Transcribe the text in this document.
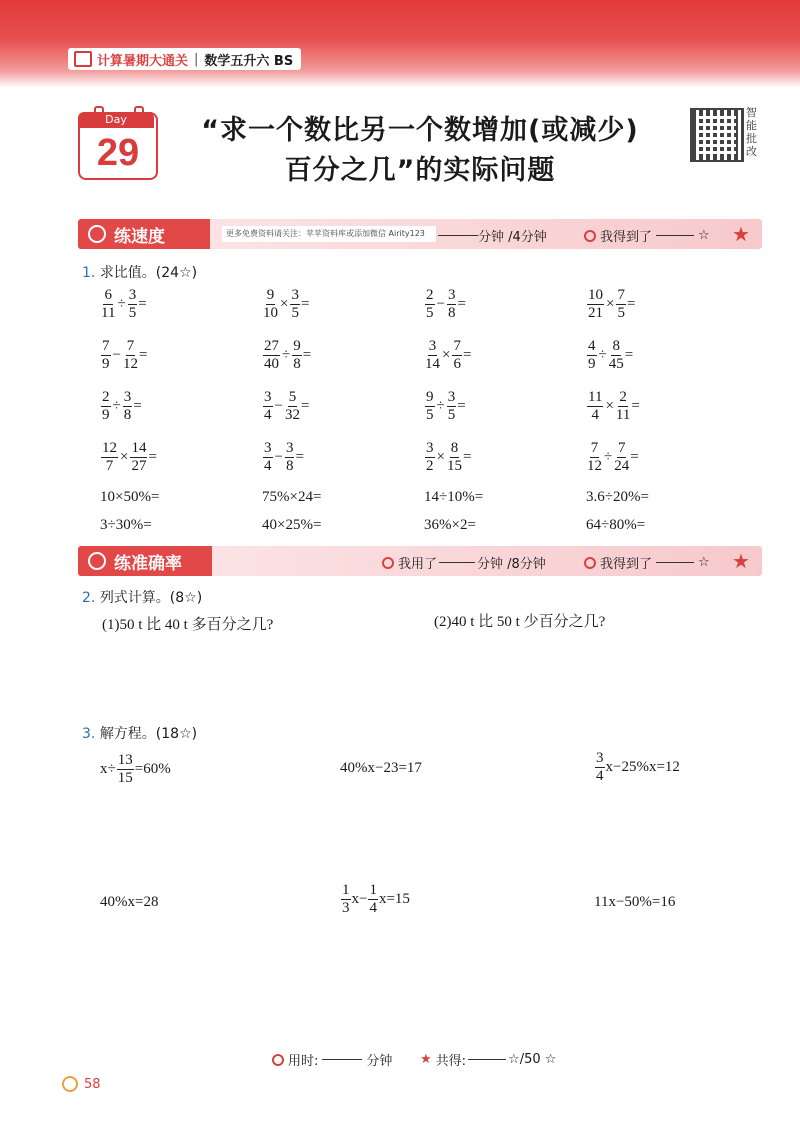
计算暑期大通关 | 数学五升六 BS
Day
29
“求一个数比另一个数增加(或减少)
百分之几”的实际问题
智能批改
练速度	更多免费资料请关注：苹苹资料库或添加微信 Airity123	分钟 /4分钟	我得到了	☆ ★
1. 求比值。(24☆)
$\frac{6}{11} \div \frac{3}{5}$ =	$\frac{9}{10} \times \frac{3}{5}$ =	$\frac{2}{5} - \frac{3}{8}$ =	$\frac{10}{21} \times \frac{7}{5}$ =
$\frac{7}{9} - \frac{7}{12}$ =	$\frac{27}{40} \div \frac{9}{8}$ =	$\frac{3}{14} \times \frac{7}{6}$ =	$\frac{4}{9} \div \frac{8}{45}$ =
$\frac{2}{9} \div \frac{3}{8}$ =	$\frac{3}{4} - \frac{5}{32}$ =	$\frac{9}{5} \div \frac{3}{5}$ =	$\frac{11}{4} \times \frac{2}{11}$ =
$\frac{12}{7} \times \frac{14}{27}$ =	$\frac{3}{4} - \frac{3}{8}$ =	$\frac{3}{2} \times \frac{8}{15}$ =	$\frac{7}{12} \div \frac{7}{24}$ =
10×50%=	75%×24=	14÷10%=	3.6÷20%=
3÷30%=	40×25%=	36%×2=	64÷80%=
练准确率	我用了	分钟 /8分钟	我得到了	☆ ★
2. 列式计算。(8☆)
(1)50 t 比 40 t 多百分之几?	(2)40 t 比 50 t 少百分之几?
3. 解方程。(18☆)
$x\div \frac{13}{15} =60\%$	40%x−23=17	$\frac{3}{4} x-25\%x=12$
40%x=28	$\frac{1}{3} x- \frac{1}{4} x=15$	11x−50%=16
用时:	分钟 ★ 共得:	☆/50 ☆
58
